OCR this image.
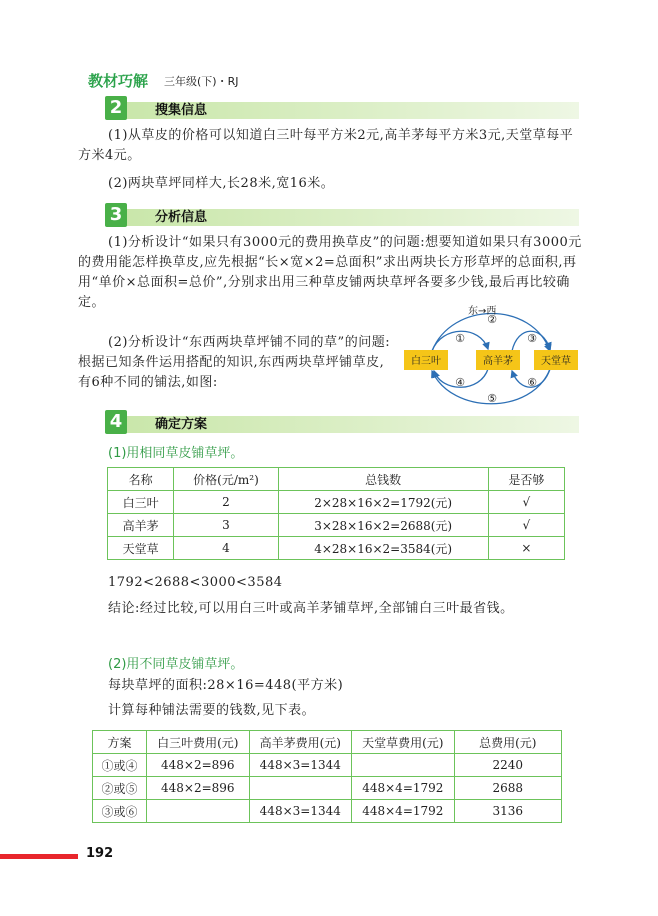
教材巧解 三年级(下)・RJ
2	搜集信息
(1)从草皮的价格可以知道白三叶每平方米2元,高羊茅每平方米3元,天堂草每平方米4元。
(2)两块草坪同样大,长28米,宽16米。
3	分析信息
(1)分析设计“如果只有3000元的费用换草皮”的问题:想要知道如果只有3000元的费用能怎样换草皮,应先根据“长×宽×2=总面积”求出两块长方形草坪的总面积,再用“单价×总面积=总价”,分别求出用三种草皮铺两块草坪各要多少钱,最后再比较确定。
(2)分析设计“东西两块草坪铺不同的草”的问题:根据已知条件运用搭配的知识,东西两块草坪铺草皮,有6种不同的铺法,如图:
东→西
白三叶	高羊茅	天堂草
①
②
③
④
⑤
⑥
4	确定方案
(1)用相同草皮铺草坪。
名称	价格(元/m²)	总钱数	是否够
白三叶	2	2×28×16×2=1792(元)	√
高羊茅	3	3×28×16×2=2688(元)	√
天堂草	4	4×28×16×2=3584(元)	×
1792<2688<3000<3584
结论:经过比较,可以用白三叶或高羊茅铺草坪,全部铺白三叶最省钱。
(2)用不同草皮铺草坪。
每块草坪的面积:28×16=448(平方米)
计算每种铺法需要的钱数,见下表。
方案	白三叶费用(元)	高羊茅费用(元)	天堂草费用(元)	总费用(元)
①或④	448×2=896	448×3=1344		2240
②或⑤	448×2=896		448×4=1792	2688
③或⑥		448×3=1344	448×4=1792	3136
192
